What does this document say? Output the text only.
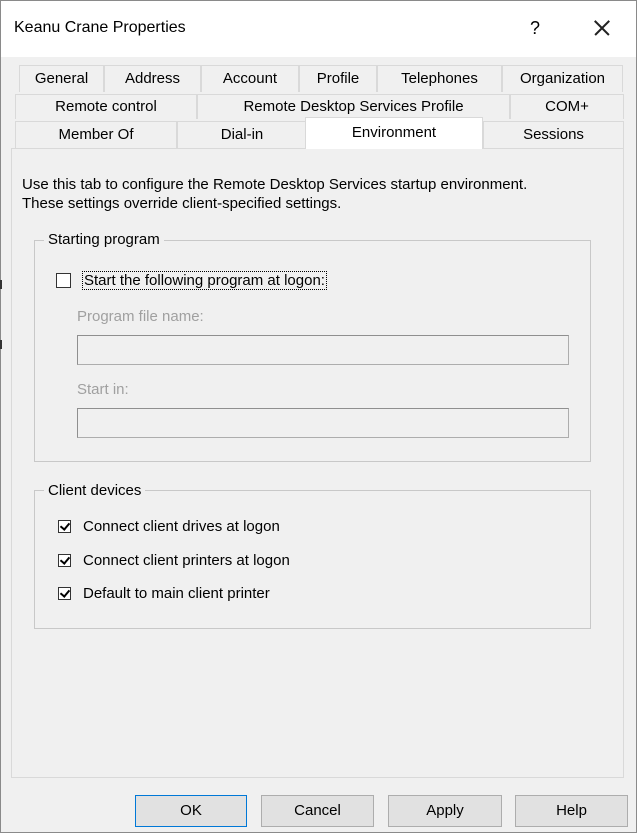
Keanu Crane Properties	?
General	Address	Account	Profile	Telephones	Organization
Remote control	Remote Desktop Services Profile	COM+
Member Of	Dial-in	Environment	Sessions
Use this tab to configure the Remote Desktop Services startup environment.
These settings override client-specified settings.
Starting program
Start the following program at logon:
Program file name:
Start in:
Client devices
Connect client drives at logon
Connect client printers at logon
Default to main client printer
OK	Cancel	Apply	Help
